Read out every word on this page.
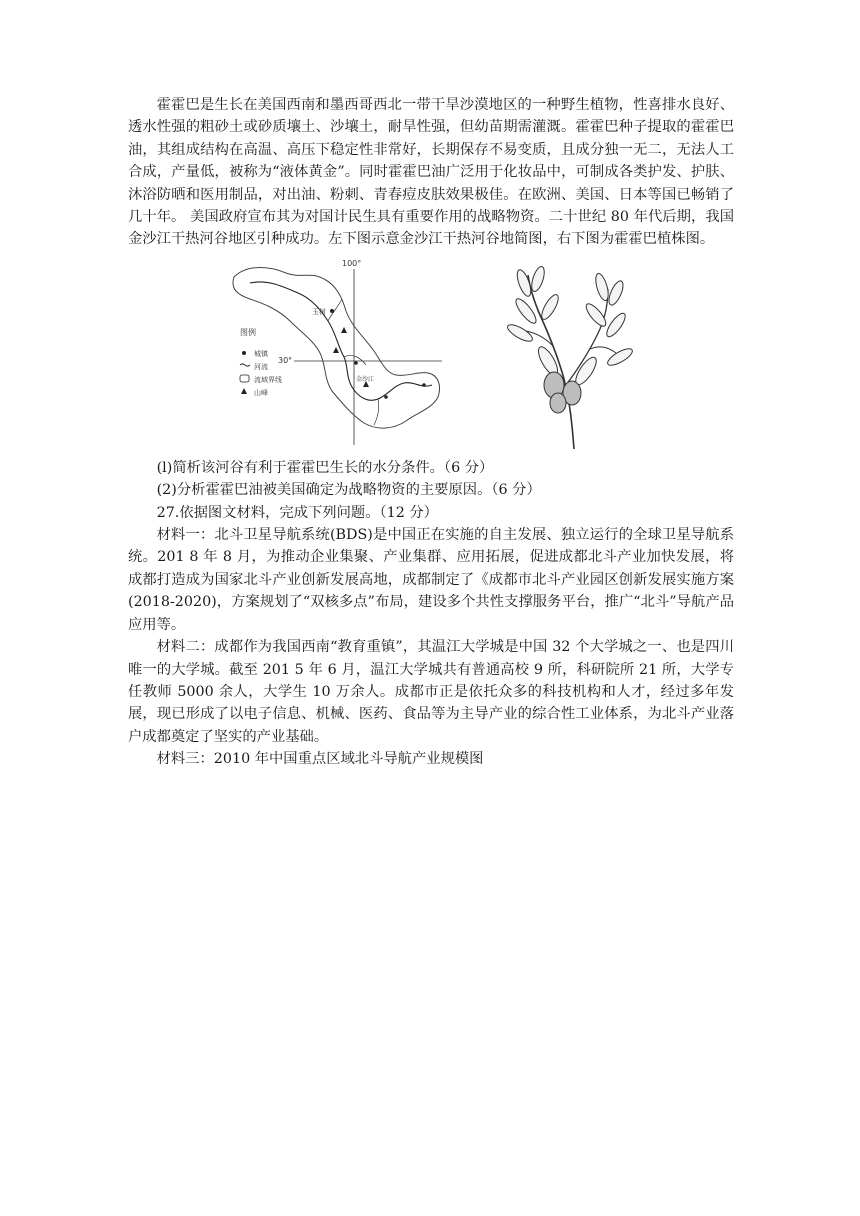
霍霍巴是生长在美国西南和墨西哥西北一带干旱沙漠地区的一种野生植物，性喜排水良好、透水性强的粗砂土或砂质壤土、沙壤土，耐旱性强，但幼苗期需灌溉。霍霍巴种子提取的霍霍巴油，其组成结构在高温、高压下稳定性非常好，长期保存不易变质，且成分独一无二，无法人工合成，产量低，被称为“液体黄金”。同时霍霍巴油广泛用于化妆品中，可制成各类护发、护肤、沐浴防晒和医用制品，对出油、粉刺、青春痘皮肤效果极佳。在欧洲、美国、日本等国已畅销了几十年。 美国政府宣布其为对国计民生具有重要作用的战略物资。二十世纪 80 年代后期，我国金沙江干热河谷地区引种成功。左下图示意金沙江干热河谷地简图，右下图为霍霍巴植株图。

100°
30°
玉树
金沙江
图例
城镇
河流
流域界线
山峰

(l)简析该河谷有利于霍霍巴生长的水分条件。（6 分）

(2)分析霍霍巴油被美国确定为战略物资的主要原因。（6 分）

27.依据图文材料，完成下列问题。（12 分）

材料一：北斗卫星导航系统(BDS)是中国正在实施的自主发展、独立运行的全球卫星导航系统。201 8 年 8 月，为推动企业集聚、产业集群、应用拓展，促进成都北斗产业加快发展，将成都打造成为国家北斗产业创新发展高地，成都制定了《成都市北斗产业园区创新发展实施方案(2018-2020)，方案规划了“双核多点”布局，建设多个共性支撑服务平台，推广“北斗”导航产品应用等。

材料二：成都作为我国西南“教育重镇”，其温江大学城是中国 32 个大学城之一、也是四川唯一的大学城。截至 201 5 年 6 月，温江大学城共有普通高校 9 所，科研院所 21 所，大学专任教师 5000 余人，大学生 10 万余人。成都市正是依托众多的科技机构和人才，经过多年发展，现已形成了以电子信息、机械、医药、食品等为主导产业的综合性工业体系，为北斗产业落户成都奠定了坚实的产业基础。

材料三：2010 年中国重点区域北斗导航产业规模图
